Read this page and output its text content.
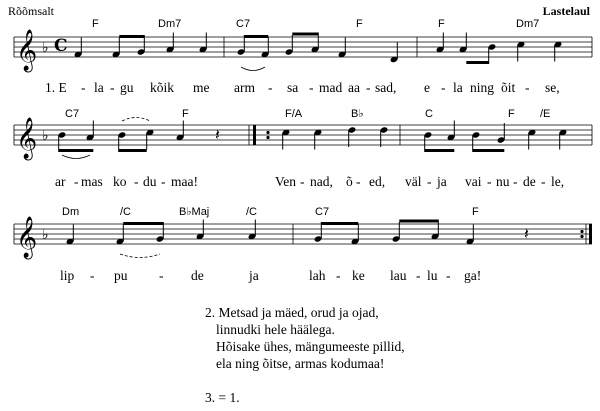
Rõõmsalt	Lastelaul
𝄞 ♭ C
F	Dm7	C7	F	F	Dm7
1. E - la - gu kõik me arm - sa - mad aa - sad, e - la ning õit - se,
𝄞 ♭	𝄽
C7	F	F/A	B♭	C	F /E
ar - mas ko - du - maa!	Ven - nad, õ - ed, väl - ja vai - nu - de - le,
𝄞 ♭	𝄽
Dm	/C	B♭Maj	/C	C7	F
lip - pu - de	ja	lah - ke lau - lu - ga!
2. Metsad ja mäed, orud ja ojad,
linnudki hele häälega.
Hõisake ühes, mängumeeste pillid,
ela ning õitse, armas kodumaa!
3. = 1.
